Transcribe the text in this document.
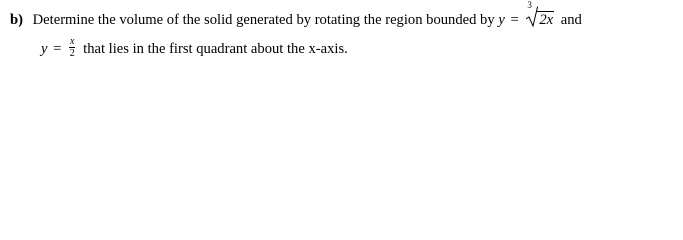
b) Determine the volume of the solid generated by rotating the region bounded by y =
3
2x and
$y = \frac{x}{2}$ that lies in the first quadrant about the x-axis.
